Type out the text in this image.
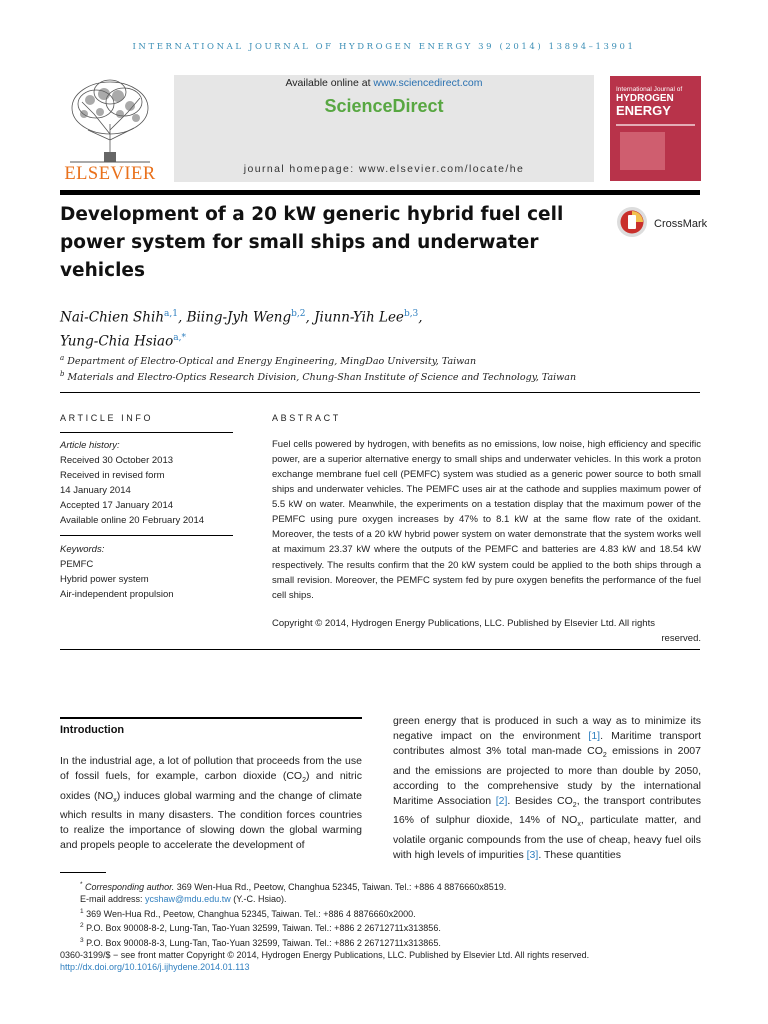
INTERNATIONAL JOURNAL OF HYDROGEN ENERGY 39 (2014) 13894–13901
ELSEVIER
Available online at www.sciencedirect.com
ScienceDirect
journal homepage: www.elsevier.com/locate/he
International Journal of
HYDROGEN
ENERGY
Development of a 20 kW generic hybrid fuel cell power system for small ships and underwater vehicles
CrossMark
Nai-Chien Shih$^{a,1}$, Biing-Jyh Weng$^{b,2}$, Jiunn-Yih Lee$^{b,3}$,
Yung-Chia Hsiao$^{a,*}$
$^a$ Department of Electro-Optical and Energy Engineering, MingDao University, Taiwan
$^b$ Materials and Electro-Optics Research Division, Chung-Shan Institute of Science and Technology, Taiwan
ARTICLE INFO	ABSTRACT
Article history:
Received 30 October 2013
Received in revised form
14 January 2014
Accepted 17 January 2014
Available online 20 February 2014
Keywords:
PEMFC
Hybrid power system
Air-independent propulsion
Fuel cells powered by hydrogen, with benefits as no emissions, low noise, high efficiency and specific power, are a superior alternative energy to small ships and underwater vehicles. In this work a proton exchange membrane fuel cell (PEMFC) system was studied as a generic power source to both small ships and underwater vehicles. The PEMFC uses air at the cathode and supplies maximum power of 5.5 kW on water. Meanwhile, the experiments on a testation display that the maximum power of the PEMFC using pure oxygen increases by 47% to 8.1 kW at the same flow rate of the oxidant. Moreover, the tests of a 20 kW hybrid power system on water demonstrate that the system works well at maximum 23.37 kW where the outputs of the PEMFC and batteries are 4.83 kW and 18.54 kW respectively. The results confirm that the 20 kW system could be applied to the both ships through a small revision. Moreover, the PEMFC system fed by pure oxygen benefits the performance of the fuel cell ships.
Copyright © 2014, Hydrogen Energy Publications, LLC. Published by Elsevier Ltd. All rights
reserved.
Introduction
In the industrial age, a lot of pollution that proceeds from the use of fossil fuels, for example, carbon dioxide $(CO_2)$ and nitric oxides $(NO_x)$ induces global warming and the change of climate which results in many disasters. The condition forces countries to realize the importance of slowing down the global warming and propels people to accelerate the development of
green energy that is produced in such a way as to minimize its negative impact on the environment [1]. Maritime transport contributes almost 3% total man-made $CO_2$ emissions in 2007 and the emissions are projected to more than double by 2050, according to the comprehensive study by the international Maritime Association [2]. Besides $CO_2$, the transport contributes 16% of sulphur dioxide, 14% of $NO_x$, particulate matter, and volatile organic compounds from the use of cheap, heavy fuel oils with high levels of impurities [3]. These quantities
* Corresponding author. 369 Wen-Hua Rd., Peetow, Changhua 52345, Taiwan. Tel.: +886 4 8876660x8519.
E-mail address: ycshaw@mdu.edu.tw (Y.-C. Hsiao).
$^1$ 369 Wen-Hua Rd., Peetow, Changhua 52345, Taiwan. Tel.: +886 4 8876660x2000.
$^2$ P.O. Box 90008-8-2, Lung-Tan, Tao-Yuan 32599, Taiwan. Tel.: +886 2 26712711x313856.
$^3$ P.O. Box 90008-8-3, Lung-Tan, Tao-Yuan 32599, Taiwan. Tel.: +886 2 26712711x313865.
0360-3199/$ − see front matter Copyright © 2014, Hydrogen Energy Publications, LLC. Published by Elsevier Ltd. All rights reserved.
http://dx.doi.org/10.1016/j.ijhydene.2014.01.113
